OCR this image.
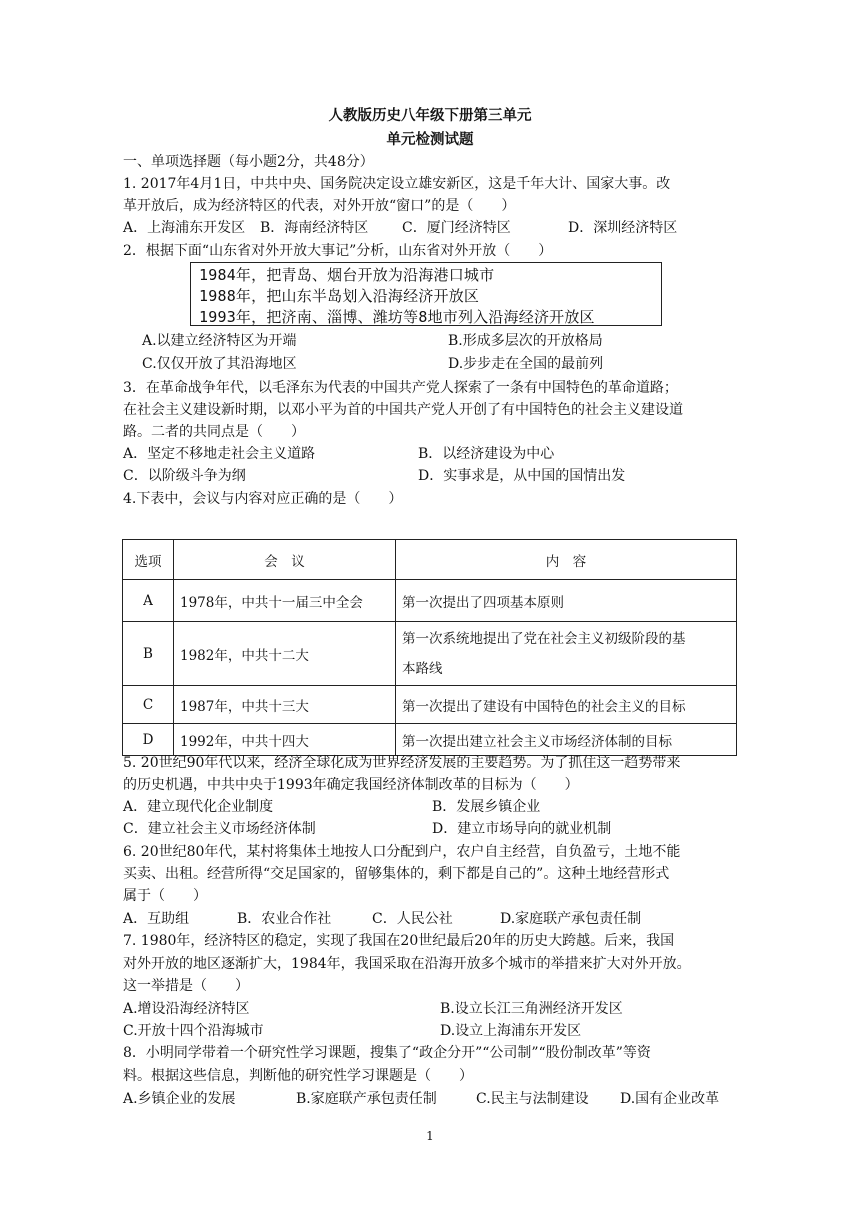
人教版历史八年级下册第三单元
单元检测试题
一、单项选择题（每小题2分，共48分）
1. 2017年4月1日，中共中央、国务院决定设立雄安新区，这是千年大计、国家大事。改
革开放后，成为经济特区的代表，对外开放“窗口”的是（　　）
A．上海浦东开发区 B．海南经济特区 C．厦门经济特区	D．深圳经济特区
2．根据下面“山东省对外开放大事记”分析，山东省对外开放（　　）
1984年，把青岛、烟台开放为沿海港口城市
1988年，把山东半岛划入沿海经济开放区
1993年，把济南、淄博、潍坊等8地市列入沿海经济开放区
A.以建立经济特区为开端	B.形成多层次的开放格局
C.仅仅开放了其沿海地区	D.步步走在全国的最前列
3．在革命战争年代，以毛泽东为代表的中国共产党人探索了一条有中国特色的革命道路；
在社会主义建设新时期，以邓小平为首的中国共产党人开创了有中国特色的社会主义建设道
路。二者的共同点是（　　）
A．坚定不移地走社会主义道路	B．以经济建设为中心
C．以阶级斗争为纲	D．实事求是，从中国的国情出发
4.下表中，会议与内容对应正确的是（　　）
选项	会　议	内　容
A	1978年，中共十一届三中全会	第一次提出了四项基本原则
B	1982年，中共十二大	第一次系统地提出了党在社会主义初级阶段的基
本路线

C	1987年，中共十三大	第一次提出了建设有中国特色的社会主义的目标
D	1992年，中共十四大	第一次提出建立社会主义市场经济体制的目标
5. 20世纪90年代以来，经济全球化成为世界经济发展的主要趋势。为了抓住这一趋势带来
的历史机遇，中共中央于1993年确定我国经济体制改革的目标为（　　）
A．建立现代化企业制度	B．发展乡镇企业
C．建立社会主义市场经济体制	D．建立市场导向的就业机制
6. 20世纪80年代，某村将集体土地按人口分配到户，农户自主经营，自负盈亏，土地不能
买卖、出租。经营所得“交足国家的，留够集体的，剩下都是自己的”。这种土地经营形式
属于（　　）
A．互助组	B．农业合作社	C．人民公社	D.家庭联产承包责任制
7. 1980年，经济特区的稳定，实现了我国在20世纪最后20年的历史大跨越。后来，我国
对外开放的地区逐渐扩大，1984年，我国采取在沿海开放多个城市的举措来扩大对外开放。
这一举措是（　　）
A.增设沿海经济特区	B.设立长江三角洲经济开发区
C.开放十四个沿海城市	D.设立上海浦东开发区
8．小明同学带着一个研究性学习课题，搜集了“政企分开”“公司制”“股份制改革”等资
料。根据这些信息，判断他的研究性学习课题是（　　）
A.乡镇企业的发展	B.家庭联产承包责任制	C.民主与法制建设 D.国有企业改革
1
